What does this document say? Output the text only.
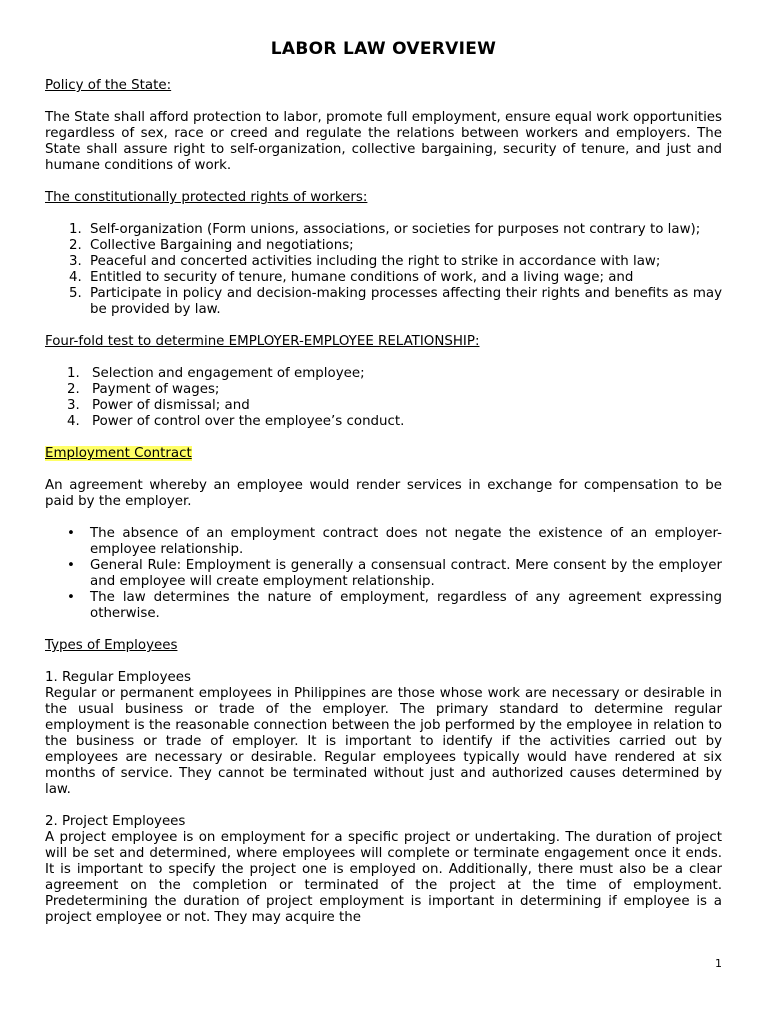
LABOR LAW OVERVIEW

Policy of the State:

The State shall afford protection to labor, promote full employment, ensure equal work opportunities regardless of sex, race or creed and regulate the relations between workers and employers. The State shall assure right to self-organization, collective bargaining, security of tenure, and just and humane conditions of work.

The constitutionally protected rights of workers:

1. Self-organization (Form unions, associations, or societies for purposes not contrary to law);
2. Collective Bargaining and negotiations;
3. Peaceful and concerted activities including the right to strike in accordance with law;
4. Entitled to security of tenure, humane conditions of work, and a living wage; and
5. Participate in policy and decision-making processes affecting their rights and benefits as may be provided by law.

Four-fold test to determine EMPLOYER-EMPLOYEE RELATIONSHIP:

1. Selection and engagement of employee;
2. Payment of wages;
3. Power of dismissal; and
4. Power of control over the employee’s conduct.

Employment Contract

An agreement whereby an employee would render services in exchange for compensation to be paid by the employer.

• The absence of an employment contract does not negate the existence of an employer-employee relationship.
• General Rule: Employment is generally a consensual contract. Mere consent by the employer and employee will create employment relationship.
• The law determines the nature of employment, regardless of any agreement expressing otherwise.

Types of Employees

1. Regular Employees

Regular or permanent employees in Philippines are those whose work are necessary or desirable in the usual business or trade of the employer. The primary standard to determine regular employment is the reasonable connection between the job performed by the employee in relation to the business or trade of employer. It is important to identify if the activities carried out by employees are necessary or desirable. Regular employees typically would have rendered at six months of service. They cannot be terminated without just and authorized causes determined by law.

2. Project Employees

A project employee is on employment for a specific project or undertaking. The duration of project will be set and determined, where employees will complete or terminate engagement once it ends. It is important to specify the project one is employed on. Additionally, there must also be a clear agreement on the completion or terminated of the project at the time of employment. Predetermining the duration of project employment is important in determining if employee is a project employee or not. They may acquire the

1
